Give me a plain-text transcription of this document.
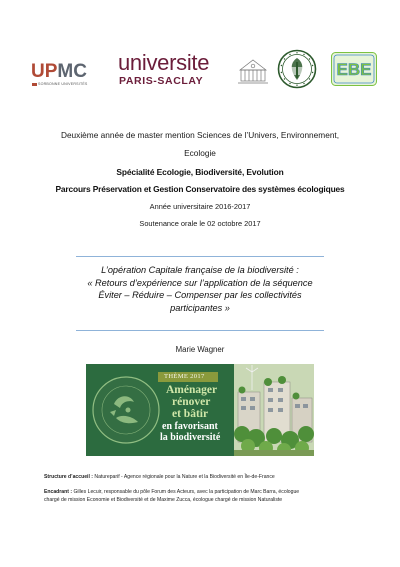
UPMC
SORBONNE UNIVERSITÉS
universite
PARIS-SACLAY
EBE
Deuxième année de master mention Sciences de l’Univers, Environnement,
Ecologie
Spécialité Ecologie, Biodiversité, Evolution
Parcours Préservation et Gestion Conservatoire des systèmes écologiques
Année universitaire 2016-2017
Soutenance orale le 02 octobre 2017
L’opération Capitale française de la biodiversité :
« Retours d’expérience sur l’application de la séquence
Éviter – Réduire – Compenser par les collectivités
participantes »
Marie Wagner
THÈME 2017
Aménager
rénover
et bâtir
en favorisant
la biodiversité
Structure d’accueil : Natureparif - Agence régionale pour la Nature et la Biodiversité en Île-de-France
Encadrant : Gilles Lecuir, responsable du pôle Forum des Acteurs, avec la participation de Marc Barra, écologue
chargé de mission Economie et Biodiversité et de Maxime Zucca, écologue chargé de mission Naturaliste
